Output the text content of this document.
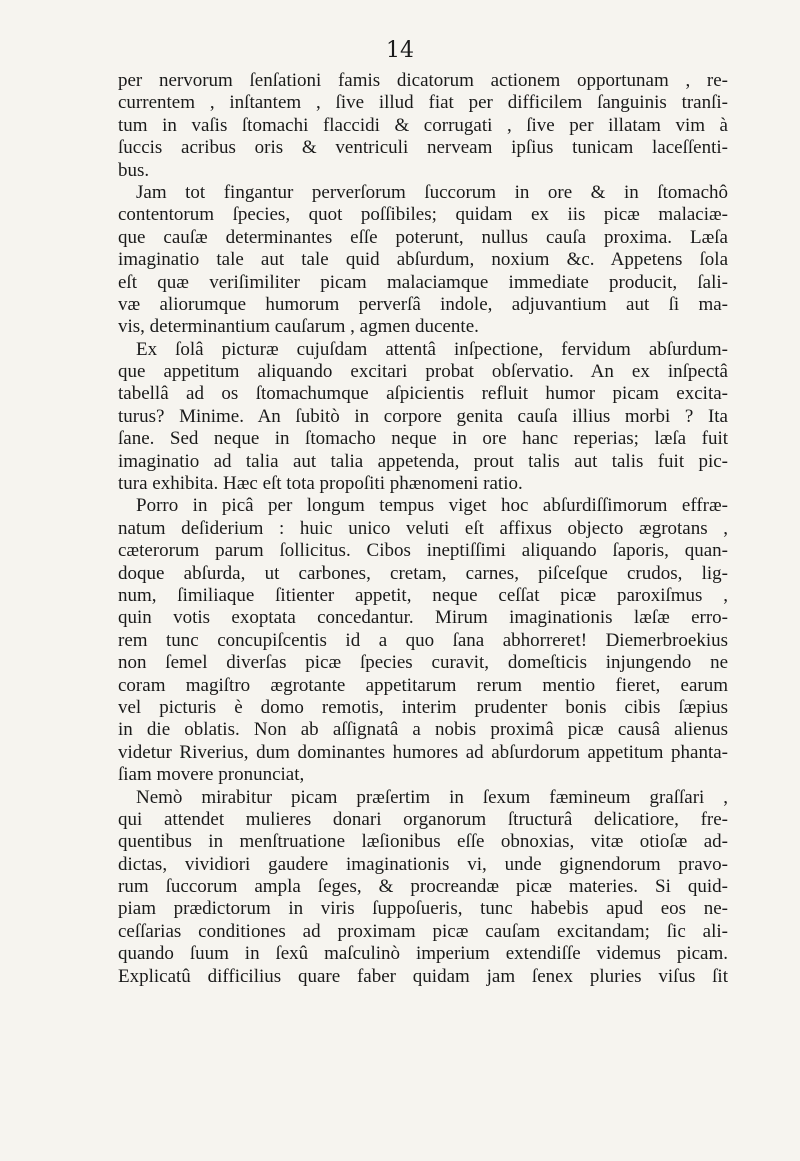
14
per nervorum ſenſationi famis dicatorum actionem opportunam , re-
currentem , inſtantem , ſive illud fiat per difficilem ſanguinis tranſi-
tum in vaſis ſtomachi flaccidi & corrugati , ſive per illatam vim à
ſuccis acribus oris & ventriculi nerveam ipſius tunicam laceſſenti-
bus.
Jam tot fingantur perverſorum ſuccorum in ore & in ſtomachô
contentorum ſpecies, quot poſſibiles; quidam ex iis picæ malaciæ-
que cauſæ determinantes eſſe poterunt, nullus cauſa proxima. Læſa
imaginatio tale aut tale quid abſurdum, noxium &c. Appetens ſola
eſt quæ veriſimiliter picam malaciamque immediate producit, ſali-
væ aliorumque humorum perverſâ indole, adjuvantium aut ſi ma-
vis, determinantium cauſarum , agmen ducente.
Ex ſolâ picturæ cujuſdam attentâ inſpectione, fervidum abſurdum-
que appetitum aliquando excitari probat obſervatio. An ex inſpectâ
tabellâ ad os ſtomachumque aſpicientis refluit humor picam excita-
turus? Minime. An ſubitò in corpore genita cauſa illius morbi ? Ita
ſane. Sed neque in ſtomacho neque in ore hanc reperias; læſa fuit
imaginatio ad talia aut talia appetenda, prout talis aut talis fuit pic-
tura exhibita. Hæc eſt tota propoſiti phænomeni ratio.
Porro in picâ per longum tempus viget hoc abſurdiſſimorum effræ-
natum deſiderium : huic unico veluti eſt affixus objecto ægrotans ,
cæterorum parum ſollicitus. Cibos ineptiſſimi aliquando ſaporis, quan-
doque abſurda, ut carbones, cretam, carnes, piſceſque crudos, lig-
num, ſimiliaque ſitienter appetit, neque ceſſat picæ paroxiſmus ,
quin votis exoptata concedantur. Mirum imaginationis læſæ erro-
rem tunc concupiſcentis id a quo ſana abhorreret! Diemerbroekius
non ſemel diverſas picæ ſpecies curavit, domeſticis injungendo ne
coram magiſtro ægrotante appetitarum rerum mentio fieret, earum
vel picturis è domo remotis, interim prudenter bonis cibis ſæpius
in die oblatis. Non ab aſſignatâ a nobis proximâ picæ causâ alienus
videtur Riverius, dum dominantes humores ad abſurdorum appetitum phanta-
ſiam movere pronunciat,
Nemò mirabitur picam præſertim in ſexum fæmineum graſſari ,
qui attendet mulieres donari organorum ſtructurâ delicatiore, fre-
quentibus in menſtruatione læſionibus eſſe obnoxias, vitæ otioſæ ad-
dictas, vividiori gaudere imaginationis vi, unde gignendorum pravo-
rum ſuccorum ampla ſeges, & procreandæ picæ materies. Si quid-
piam prædictorum in viris ſuppoſueris, tunc habebis apud eos ne-
ceſſarias conditiones ad proximam picæ cauſam excitandam; ſic ali-
quando ſuum in ſexû maſculinò imperium extendiſſe videmus picam.
Explicatû difficilius quare faber quidam jam ſenex pluries viſus ſit
